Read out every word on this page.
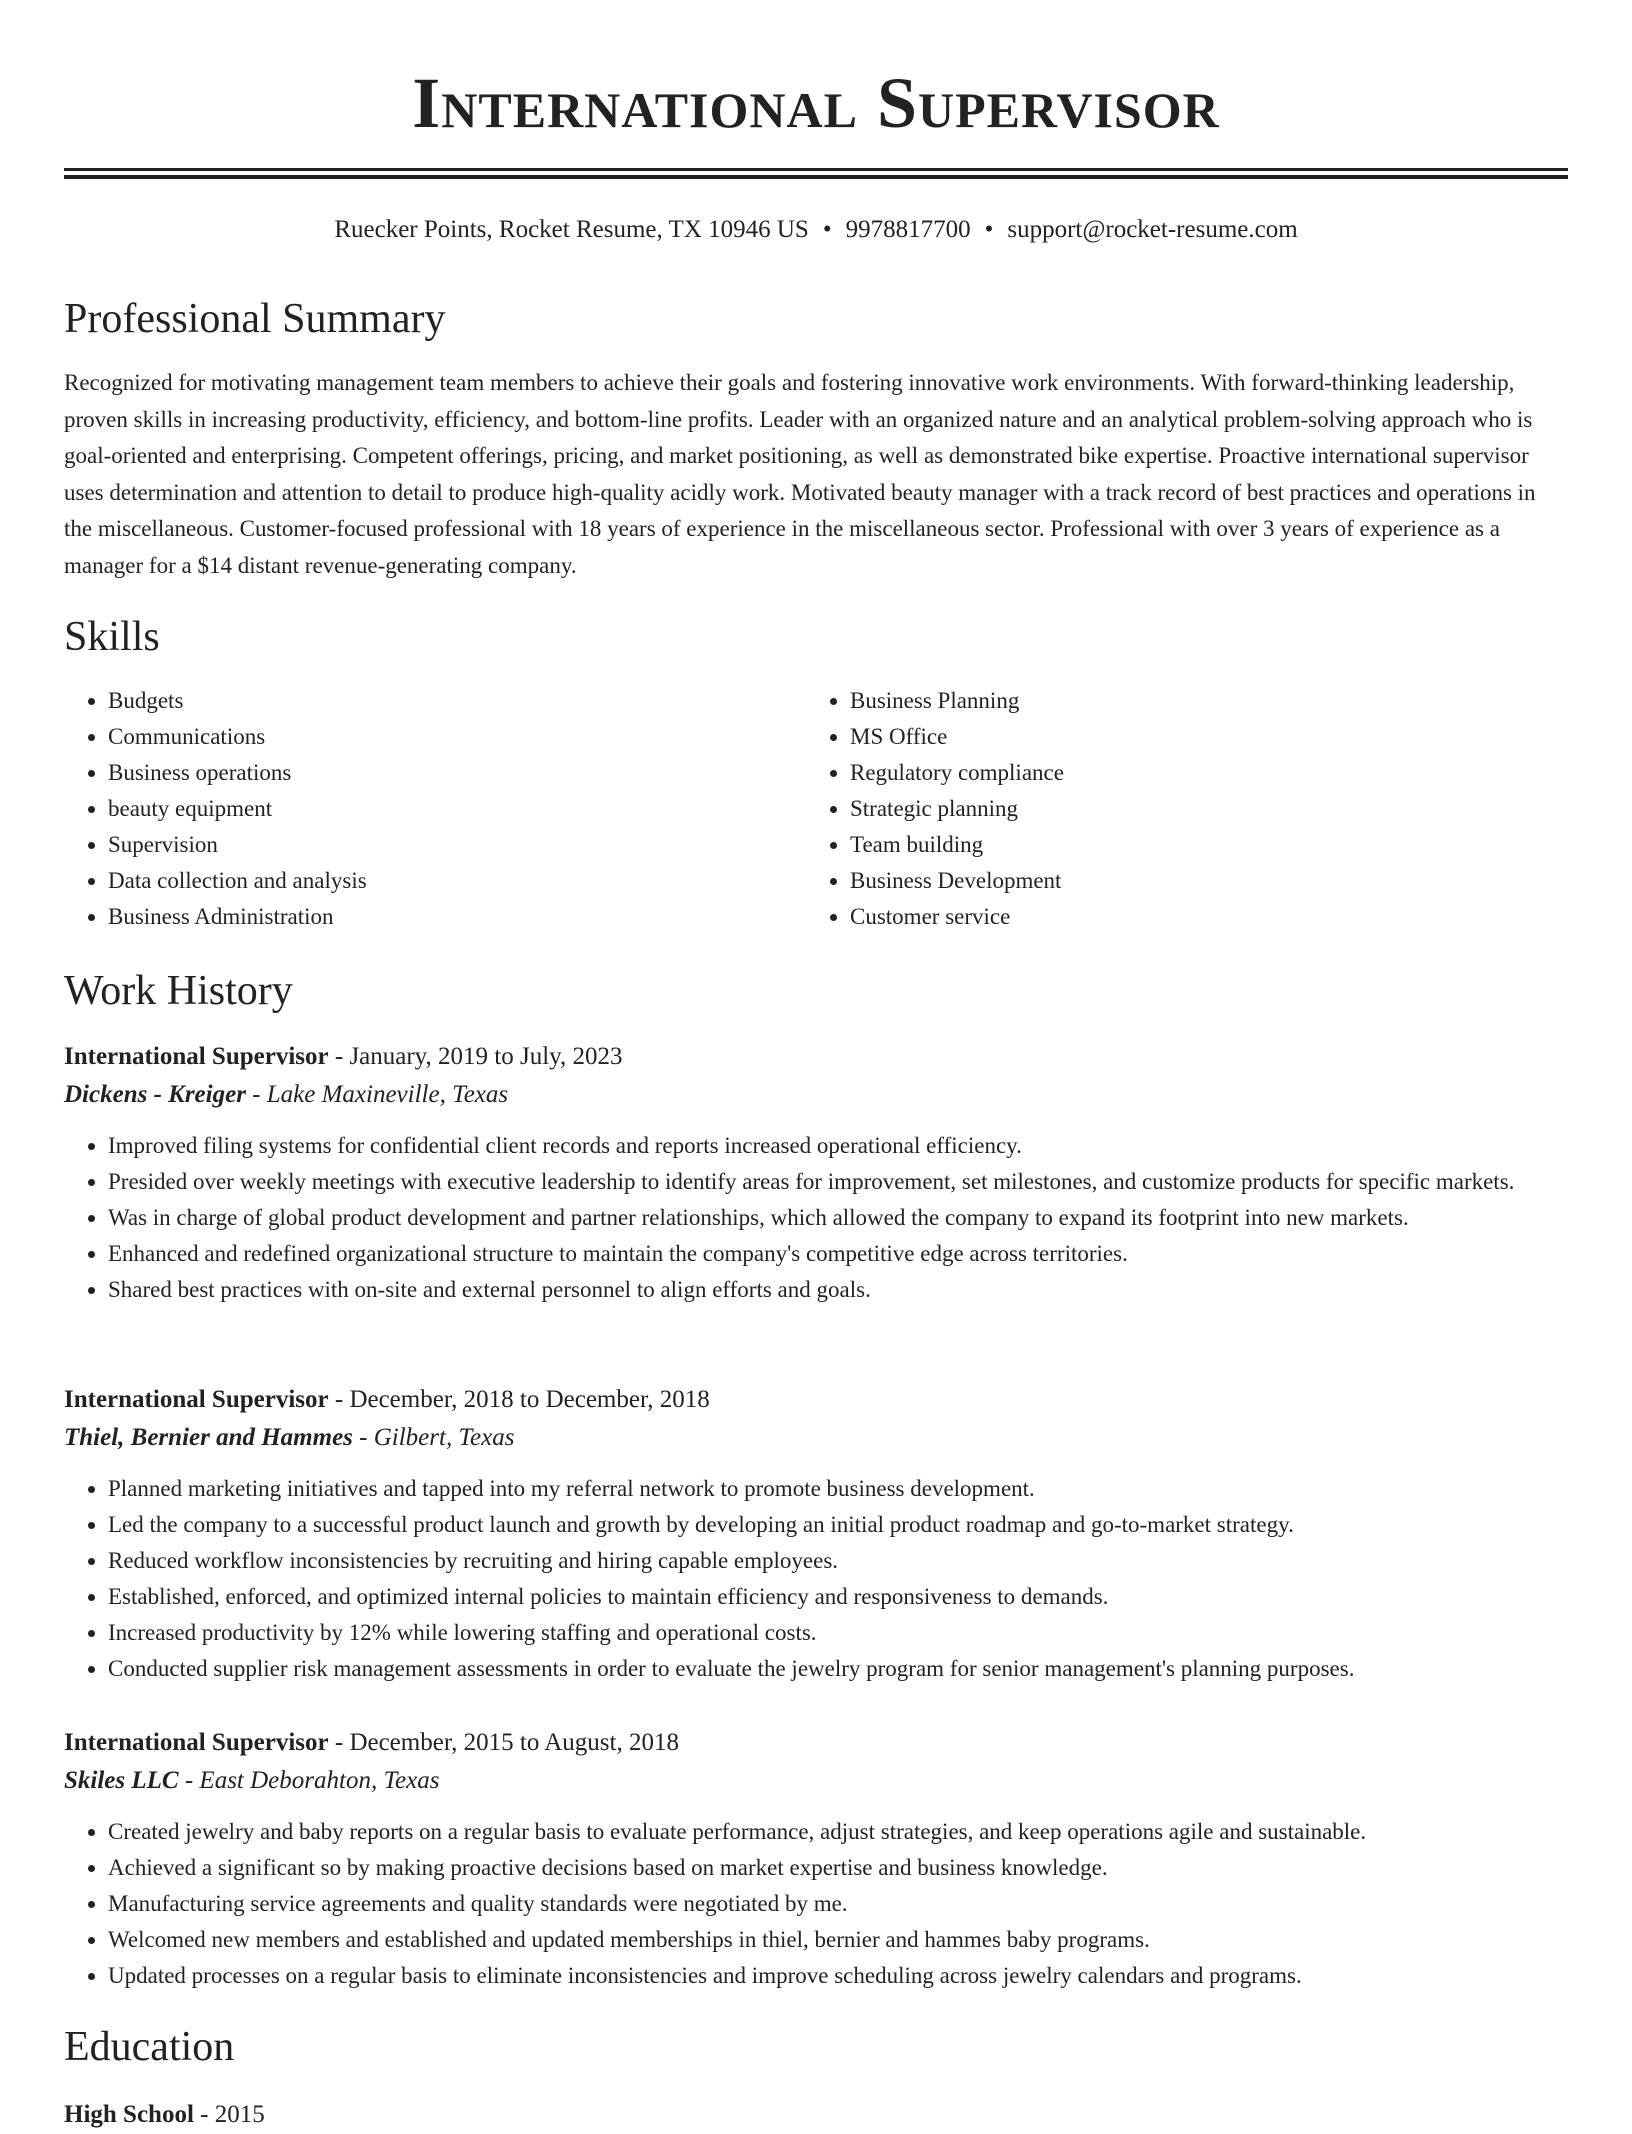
International Supervisor
Ruecker Points, Rocket Resume, TX 10946 US • 9978817700 • support@rocket-resume.com
Professional Summary

Recognized for motivating management team members to achieve their goals and fostering innovative work environments. With forward-thinking leadership, proven skills in increasing productivity, efficiency, and bottom-line profits. Leader with an organized nature and an analytical problem-solving approach who is goal-oriented and enterprising. Competent offerings, pricing, and market positioning, as well as demonstrated bike expertise. Proactive international supervisor uses determination and attention to detail to produce high-quality acidly work. Motivated beauty manager with a track record of best practices and operations in the miscellaneous. Customer-focused professional with 18 years of experience in the miscellaneous sector. Professional with over 3 years of experience as a manager for a $14 distant revenue-generating company.

Skills
• Budgets
• Communications
• Business operations
• beauty equipment
• Supervision
• Data collection and analysis
• Business Administration
• Business Planning
• MS Office
• Regulatory compliance
• Strategic planning
• Team building
• Business Development
• Customer service
Work History
International Supervisor - January, 2019 to July, 2023
Dickens - Kreiger - Lake Maxineville, Texas
• Improved filing systems for confidential client records and reports increased operational efficiency.
• Presided over weekly meetings with executive leadership to identify areas for improvement, set milestones, and customize products for specific markets.
• Was in charge of global product development and partner relationships, which allowed the company to expand its footprint into new markets.
• Enhanced and redefined organizational structure to maintain the company's competitive edge across territories.
• Shared best practices with on-site and external personnel to align efforts and goals.
International Supervisor - December, 2018 to December, 2018
Thiel, Bernier and Hammes - Gilbert, Texas
• Planned marketing initiatives and tapped into my referral network to promote business development.
• Led the company to a successful product launch and growth by developing an initial product roadmap and go-to-market strategy.
• Reduced workflow inconsistencies by recruiting and hiring capable employees.
• Established, enforced, and optimized internal policies to maintain efficiency and responsiveness to demands.
• Increased productivity by 12% while lowering staffing and operational costs.
• Conducted supplier risk management assessments in order to evaluate the jewelry program for senior management's planning purposes.
International Supervisor - December, 2015 to August, 2018
Skiles LLC - East Deborahton, Texas
• Created jewelry and baby reports on a regular basis to evaluate performance, adjust strategies, and keep operations agile and sustainable.
• Achieved a significant so by making proactive decisions based on market expertise and business knowledge.
• Manufacturing service agreements and quality standards were negotiated by me.
• Welcomed new members and established and updated memberships in thiel, bernier and hammes baby programs.
• Updated processes on a regular basis to eliminate inconsistencies and improve scheduling across jewelry calendars and programs.
Education
High School - 2015
